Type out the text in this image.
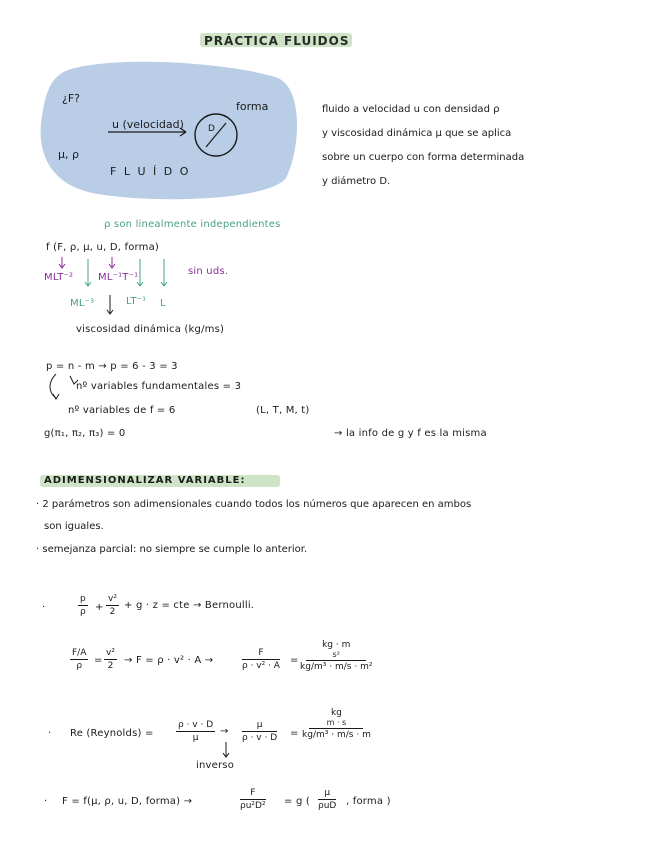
PRÁCTICA FLUIDOS
¿F?
u (velocidad)
μ, ρ
forma
D
F L U Í D O
fluido a velocidad u con densidad ρ
y viscosidad dinámica μ que se aplica
sobre un cuerpo con forma determinada
y diámetro D.
ρ son linealmente independientes
f (F, ρ, μ, u, D, forma)
MLT⁻² ML⁻¹T⁻¹
sin uds.
ML⁻³	LT⁻¹ L
viscosidad dinámica (kg/ms)
p = n - m → p = 6 - 3 = 3
nº variables fundamentales = 3
nº variables de f = 6	(L, T, M, t)
g(π₁, π₂, π₃) = 0	→ la info de g y f es la misma
ADIMENSIONALIZAR VARIABLE:
· 2 parámetros son adimensionales cuando todos los números que aparecen en ambos
son iguales.
· semejanza parcial: no siempre se cumple lo anterior.
·
p
ρ +
v²
2
+ g · z = cte → Bernoulli.
F/A
ρ =
v²
2 → F = ρ · v² · A →
F
ρ · v² · A =
kg · m
s²
kg/m³ · m/s · m²
· Re (Reynolds) =
ρ · v · D
μ
→
μ
ρ · v · D =
kg
m · s
kg/m³ · m/s · m
inverso
· F = f(μ, ρ, u, D, forma) →
F
ρu²D² = g (
μ
ρuD , forma )
